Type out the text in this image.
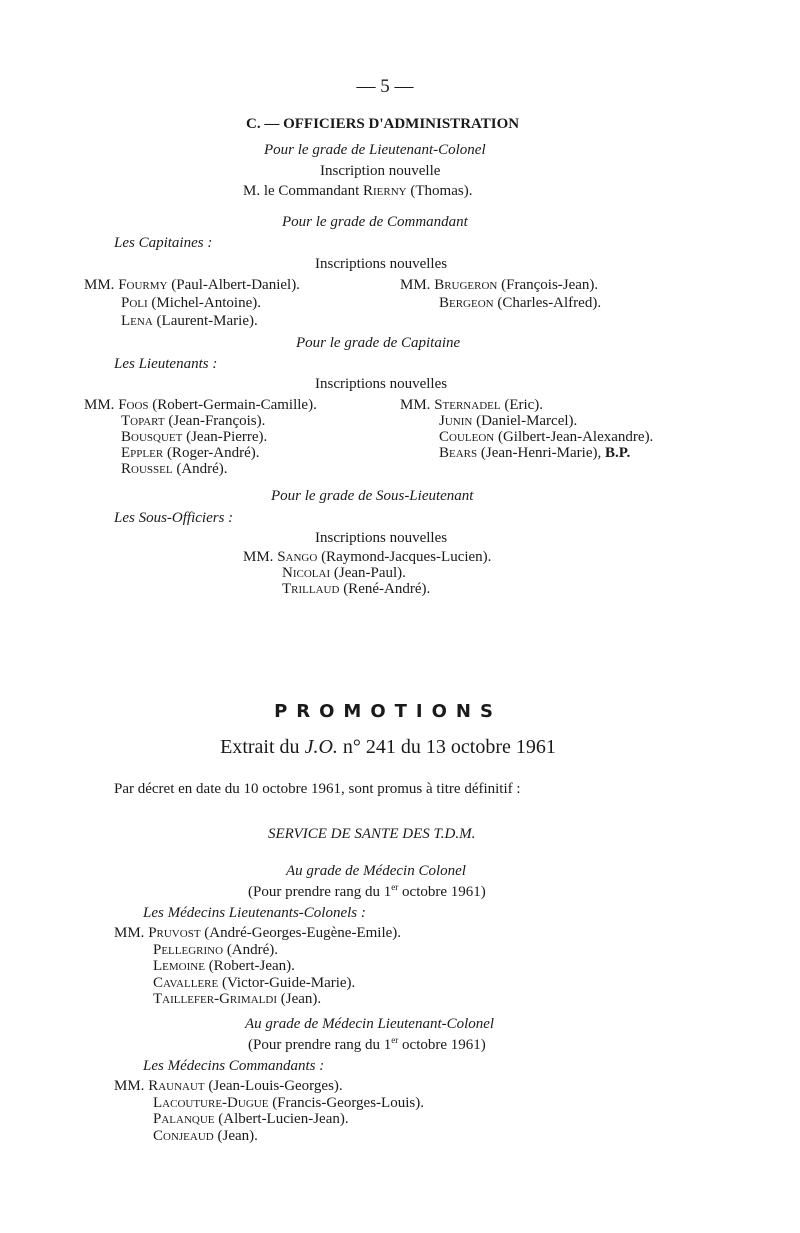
— 5 —
C. — OFFICIERS D'ADMINISTRATION
Pour le grade de Lieutenant-Colonel
Inscription nouvelle
M. le Commandant Rierny (Thomas).
Pour le grade de Commandant
Les Capitaines :
Inscriptions nouvelles
MM. Fourmy (Paul-Albert-Daniel).
Poli (Michel-Antoine).
Lena (Laurent-Marie).
MM. Brugeron (François-Jean).
Bergeon (Charles-Alfred).
Pour le grade de Capitaine
Les Lieutenants :
Inscriptions nouvelles
MM. Foos (Robert-Germain-Camille).
Topart (Jean-François).
Bousquet (Jean-Pierre).
Eppler (Roger-André).
Roussel (André).
MM. Sternadel (Eric).
Junin (Daniel-Marcel).
Couleon (Gilbert-Jean-Alexandre).
Bears (Jean-Henri-Marie), B.P.
Pour le grade de Sous-Lieutenant
Les Sous-Officiers :
Inscriptions nouvelles
MM. Sango (Raymond-Jacques-Lucien).
Nicolai (Jean-Paul).
Trillaud (René-André).
PROMOTIONS
Extrait du J.O. n° 241 du 13 octobre 1961
Par décret en date du 10 octobre 1961, sont promus à titre définitif :
SERVICE DE SANTE DES T.D.M.
Au grade de Médecin Colonel
(Pour prendre rang du 1er octobre 1961)
Les Médecins Lieutenants-Colonels :
MM. Pruvost (André-Georges-Eugène-Emile).
Pellegrino (André).
Lemoine (Robert-Jean).
Cavallere (Victor-Guide-Marie).
Taillefer-Grimaldi (Jean).
Au grade de Médecin Lieutenant-Colonel
(Pour prendre rang du 1er octobre 1961)
Les Médecins Commandants :
MM. Raunaut (Jean-Louis-Georges).
Lacouture-Dugue (Francis-Georges-Louis).
Palanque (Albert-Lucien-Jean).
Conjeaud (Jean).
